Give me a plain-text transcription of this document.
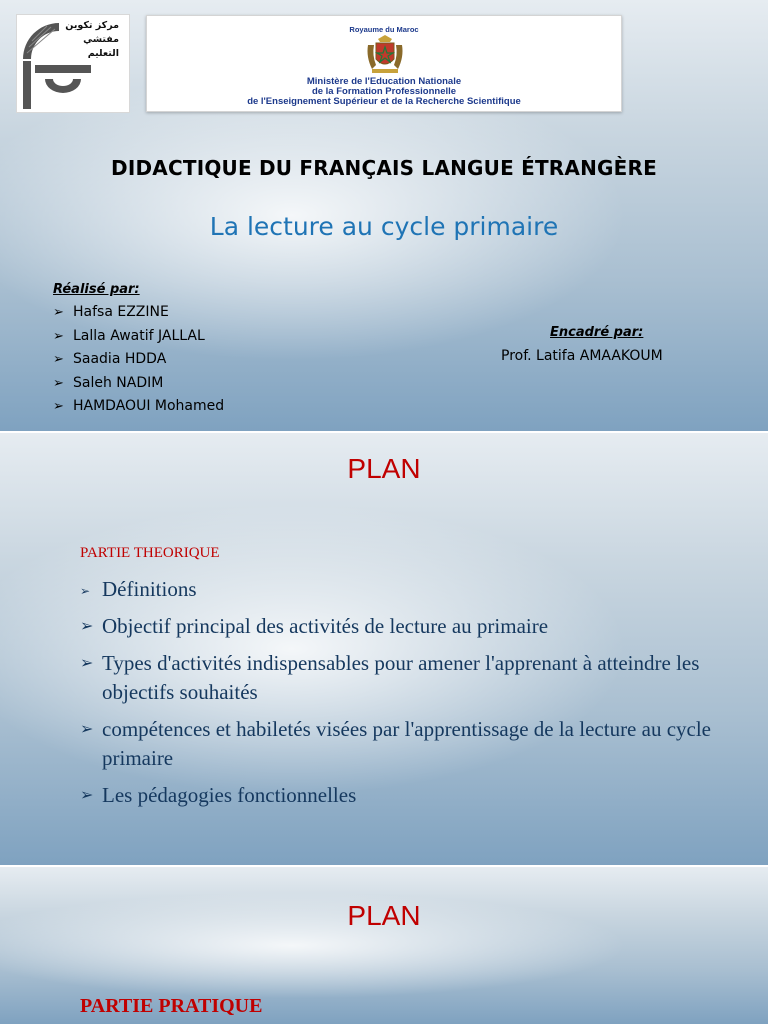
مركز تكوين
مفتشي التعليم
Royaume du Maroc
Ministère de l'Education Nationale
de la Formation Professionnelle
de l'Enseignement Supérieur et de la Recherche Scientifique
DIDACTIQUE DU FRANÇAIS LANGUE ÉTRANGÈRE
La lecture au cycle primaire
Réalisé par:
➢ Hafsa EZZINE
➢ Lalla Awatif JALLAL
➢ Saadia HDDA
➢ Saleh NADIM
➢ HAMDAOUI Mohamed
Encadré par:
Prof. Latifa AMAAKOUM
PLAN
PARTIE THEORIQUE
➢ Définitions
➢ Objectif principal des activités de lecture au primaire
➢ Types d'activités indispensables pour amener l'apprenant à atteindre les objectifs souhaités
➢ compétences et habiletés visées par l'apprentissage de la lecture au cycle primaire
➢ Les pédagogies fonctionnelles
PLAN
PARTIE PRATIQUE
